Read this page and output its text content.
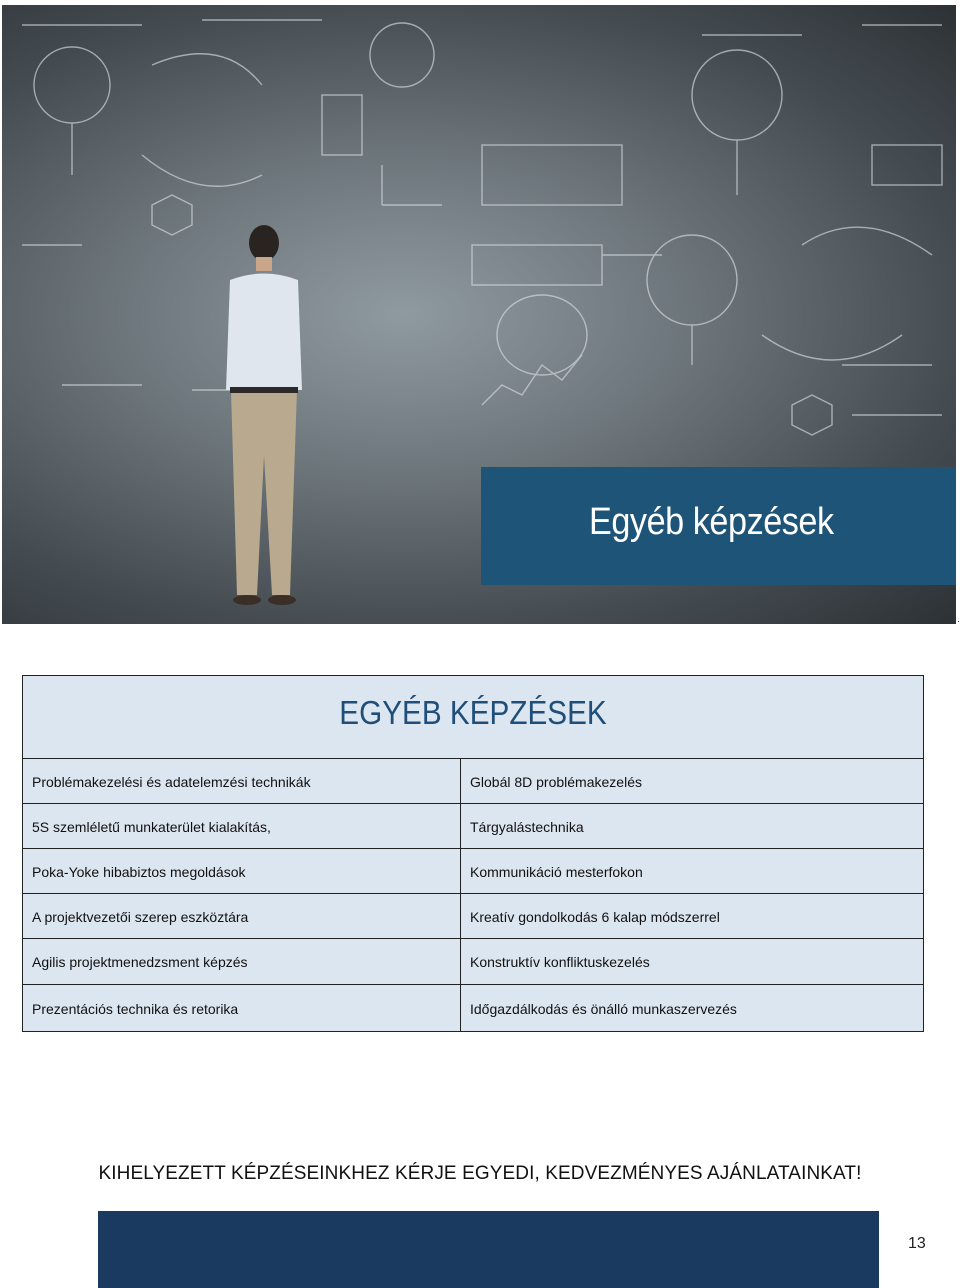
Egyéb képzések
.
EGYÉB KÉPZÉSEK
Problémakezelési és adatelemzési technikák	Globál 8D problémakezelés
5S szemléletű munkaterület kialakítás,	Tárgyalástechnika
Poka-Yoke hibabiztos megoldások	Kommunikáció mesterfokon
A projektvezetői szerep eszköztára	Kreatív gondolkodás 6 kalap módszerrel
Agilis projektmenedzsment képzés	Konstruktív konfliktuskezelés
Prezentációs technika és retorika	Időgazdálkodás és önálló munkaszervezés
KIHELYEZETT KÉPZÉSEINKHEZ KÉRJE EGYEDI, KEDVEZMÉNYES AJÁNLATAINKAT!
13
